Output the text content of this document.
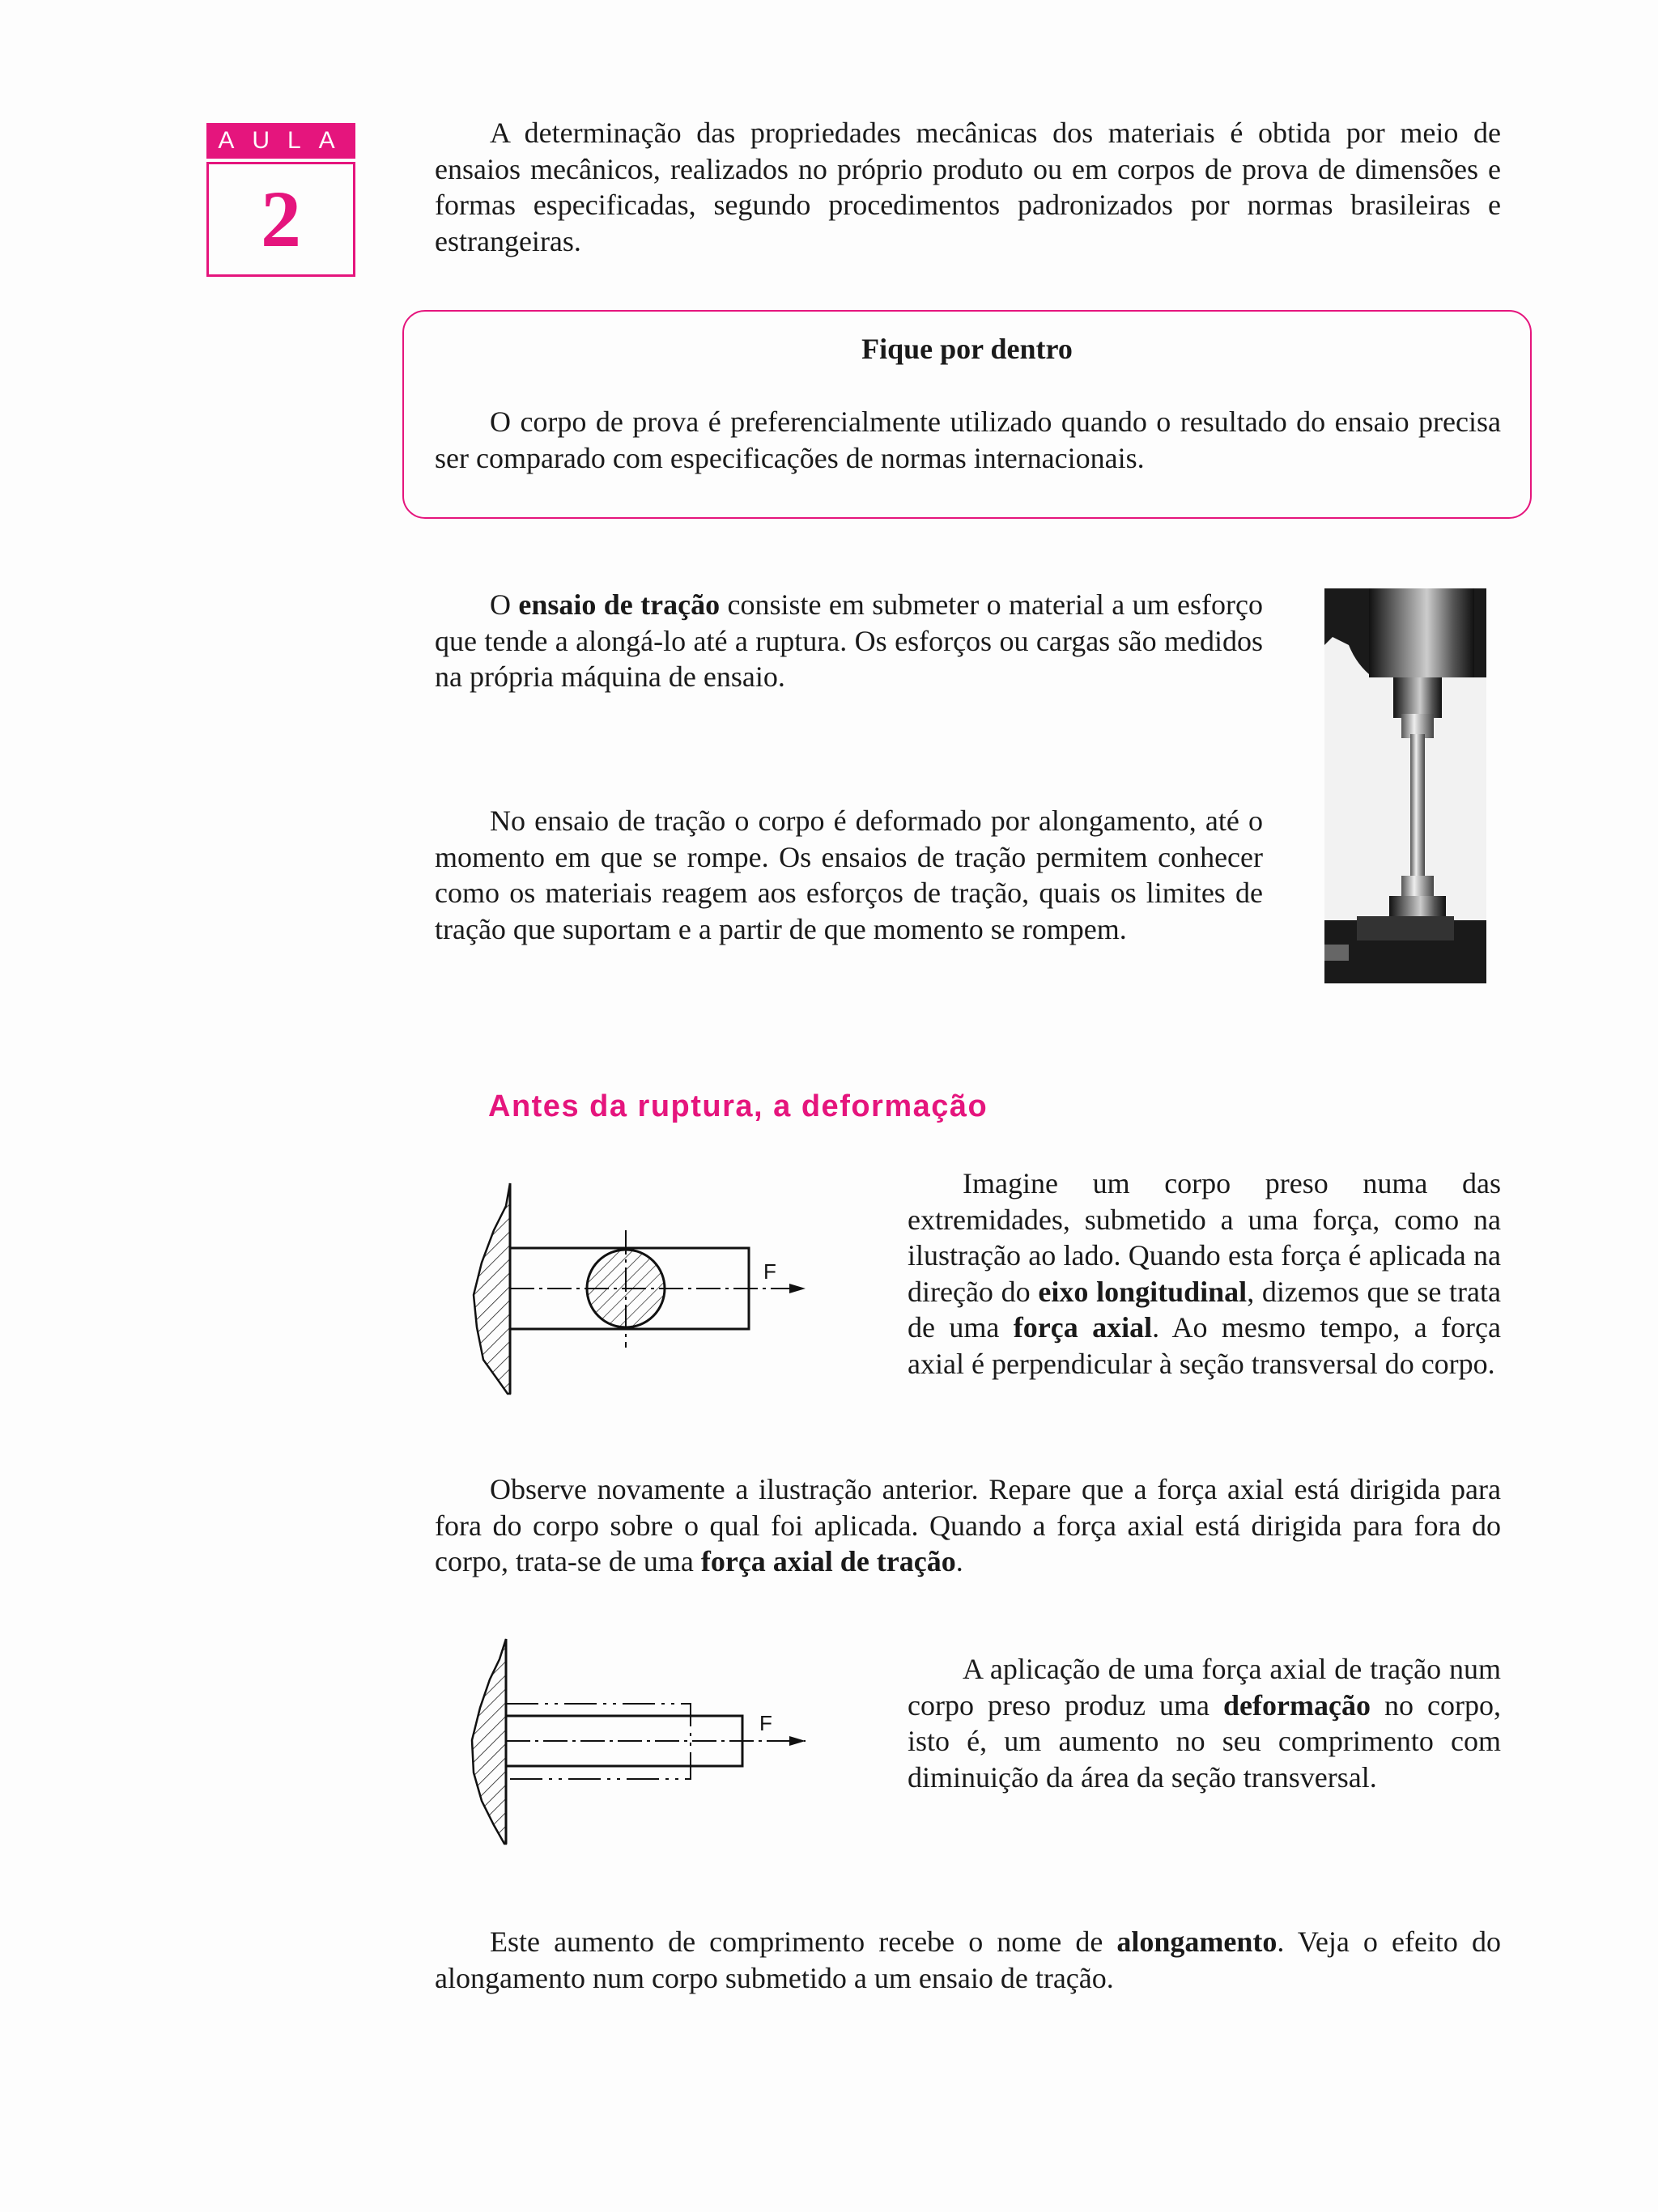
AULA
2

A determinação das propriedades mecânicas dos materiais é obtida por meio de ensaios mecânicos, realizados no próprio produto ou em corpos de prova de dimensões e formas especificadas, segundo procedimentos padronizados por normas brasileiras e estrangeiras.

Fique por dentro

O corpo de prova é preferencialmente utilizado quando o resultado do ensaio precisa ser comparado com especificações de normas internacionais.

O ensaio de tração consiste em submeter o material a um esforço que tende a alongá-lo até a ruptura. Os esforços ou cargas são medidos na própria máquina de ensaio.

No ensaio de tração o corpo é deformado por alongamento, até o momento em que se rompe. Os ensaios de tração permitem conhecer como os materiais reagem aos esforços de tração, quais os limites de tração que suportam e a partir de que momento se rompem.

Antes da ruptura, a deformação
F

Imagine um corpo preso numa das extremidades, submetido a uma força, como na ilustração ao lado. Quando esta força é aplicada na direção do eixo longitudinal, dizemos que se trata de uma força axial. Ao mesmo tempo, a força axial é perpendicular à seção transversal do corpo.

Observe novamente a ilustração anterior. Repare que a força axial está dirigida para fora do corpo sobre o qual foi aplicada. Quando a força axial está dirigida para fora do corpo, trata-se de uma força axial de tração.

F

A aplicação de uma força axial de tração num corpo preso produz uma deformação no corpo, isto é, um aumento no seu comprimento com diminuição da área da seção transversal.

Este aumento de comprimento recebe o nome de alongamento. Veja o efeito do alongamento num corpo submetido a um ensaio de tração.
